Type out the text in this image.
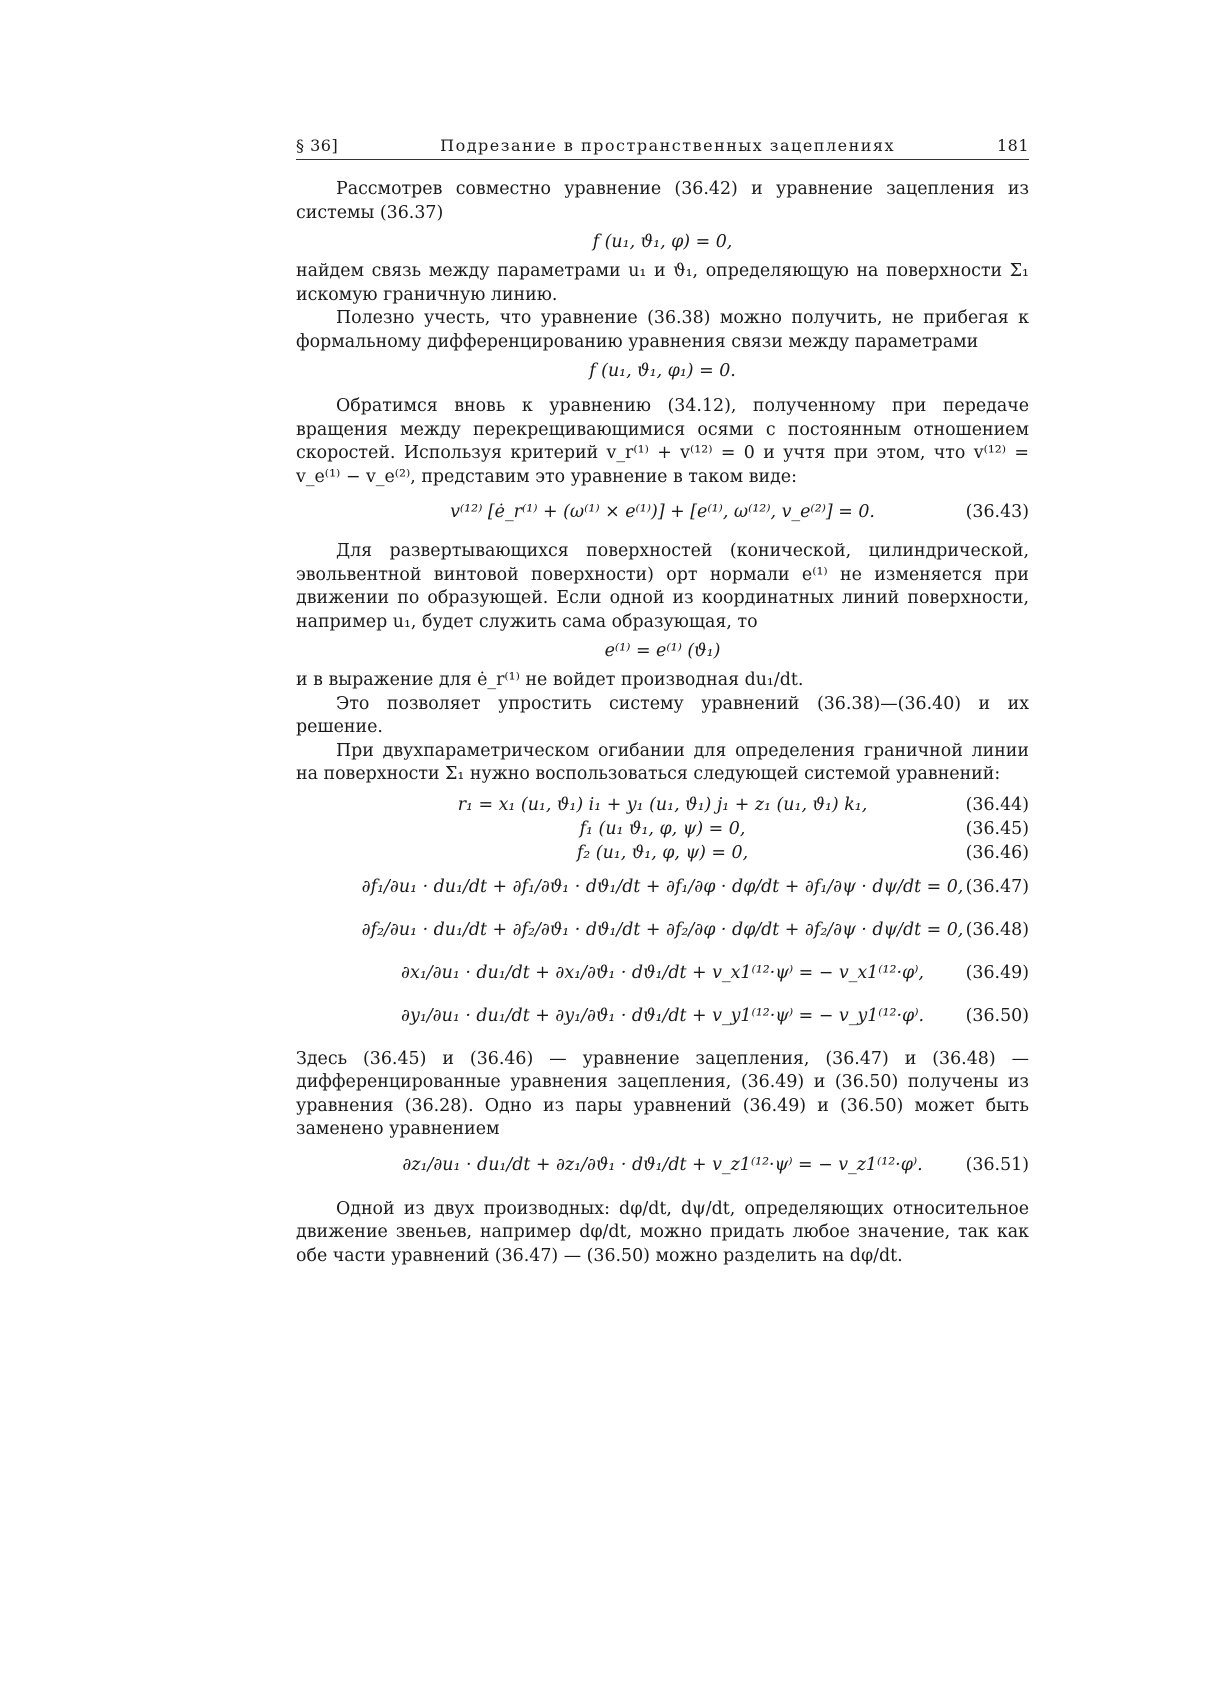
§ 36]	Подрезание в пространственных зацеплениях	181

Рассмотрев совместно уравнение (36.42) и уравнение зацепления из системы (36.37)

f (u₁, ϑ₁, φ) = 0,

найдем связь между параметрами u₁ и ϑ₁, определяющую на поверхности Σ₁ искомую граничную линию.

Полезно учесть, что уравнение (36.38) можно получить, не прибегая к формальному дифференцированию уравнения связи между параметрами

f (u₁, ϑ₁, φ₁) = 0.

Обратимся вновь к уравнению (34.12), полученному при передаче вращения между перекрещивающимися осями с постоянным отношением скоростей. Используя критерий v_r⁽¹⁾ + v⁽¹²⁾ = 0 и учтя при этом, что v⁽¹²⁾ = v_e⁽¹⁾ − v_e⁽²⁾, представим это уравнение в таком виде:

v⁽¹²⁾ [ė_r⁽¹⁾ + (ω⁽¹⁾ × e⁽¹⁾)] + [e⁽¹⁾, ω⁽¹²⁾, v_e⁽²⁾] = 0.	(36.43)

Для развертывающихся поверхностей (конической, цилиндрической, эвольвентной винтовой поверхности) орт нормали e⁽¹⁾ не изменяется при движении по образующей. Если одной из координатных линий поверхности, например u₁, будет служить сама образующая, то

e⁽¹⁾ = e⁽¹⁾ (ϑ₁)

и в выражение для ė_r⁽¹⁾ не войдет производная du₁/dt.

Это позволяет упростить систему уравнений (36.38)—(36.40) и их решение.

При двухпараметрическом огибании для определения граничной линии на поверхности Σ₁ нужно воспользоваться следующей системой уравнений:

r₁ = x₁ (u₁, ϑ₁) i₁ + y₁ (u₁, ϑ₁) j₁ + z₁ (u₁, ϑ₁) k₁,	(36.44)
f₁ (u₁ ϑ₁, φ, ψ) = 0,	(36.45)
f₂ (u₁, ϑ₁, φ, ψ) = 0,	(36.46)
∂f₁/∂u₁ · du₁/dt + ∂f₁/∂ϑ₁ · dϑ₁/dt + ∂f₁/∂φ · dφ/dt + ∂f₁/∂ψ · dψ/dt = 0, (36.47)
∂f₂/∂u₁ · du₁/dt + ∂f₂/∂ϑ₁ · dϑ₁/dt + ∂f₂/∂φ · dφ/dt + ∂f₂/∂ψ · dψ/dt = 0, (36.48)
∂x₁/∂u₁ · du₁/dt + ∂x₁/∂ϑ₁ · dϑ₁/dt + v_x1⁽¹²·ψ⁾ = − v_x1⁽¹²·φ⁾, (36.49)
∂y₁/∂u₁ · du₁/dt + ∂y₁/∂ϑ₁ · dϑ₁/dt + v_y1⁽¹²·ψ⁾ = − v_y1⁽¹²·φ⁾. (36.50)

Здесь (36.45) и (36.46) — уравнение зацепления, (36.47) и (36.48) — дифференцированные уравнения зацепления, (36.49) и (36.50) получены из уравнения (36.28). Одно из пары уравнений (36.49) и (36.50) может быть заменено уравнением

∂z₁/∂u₁ · du₁/dt + ∂z₁/∂ϑ₁ · dϑ₁/dt + v_z1⁽¹²·ψ⁾ = − v_z1⁽¹²·φ⁾. (36.51)

Одной из двух производных: dφ/dt, dψ/dt, определяющих относительное движение звеньев, например dφ/dt, можно придать любое значение, так как обе части уравнений (36.47) — (36.50) можно разделить на dφ/dt.
